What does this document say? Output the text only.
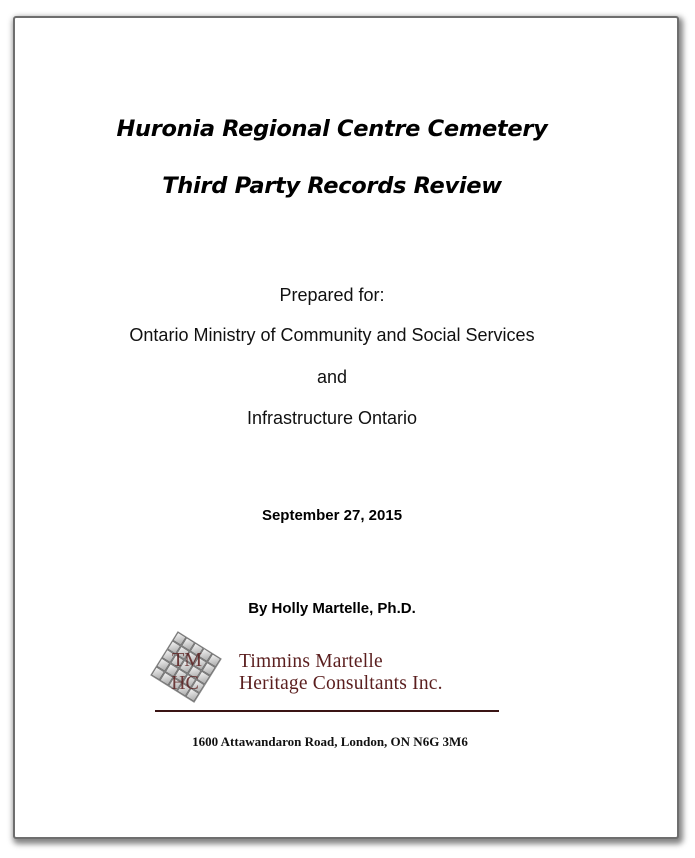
Huronia Regional Centre Cemetery
Third Party Records Review
Prepared for:
Ontario Ministry of Community and Social Services
and
Infrastructure Ontario
September 27, 2015
By Holly Martelle, Ph.D.
TM
HC
Timmins Martelle
Heritage Consultants Inc.
1600 Attawandaron Road, London, ON N6G 3M6
